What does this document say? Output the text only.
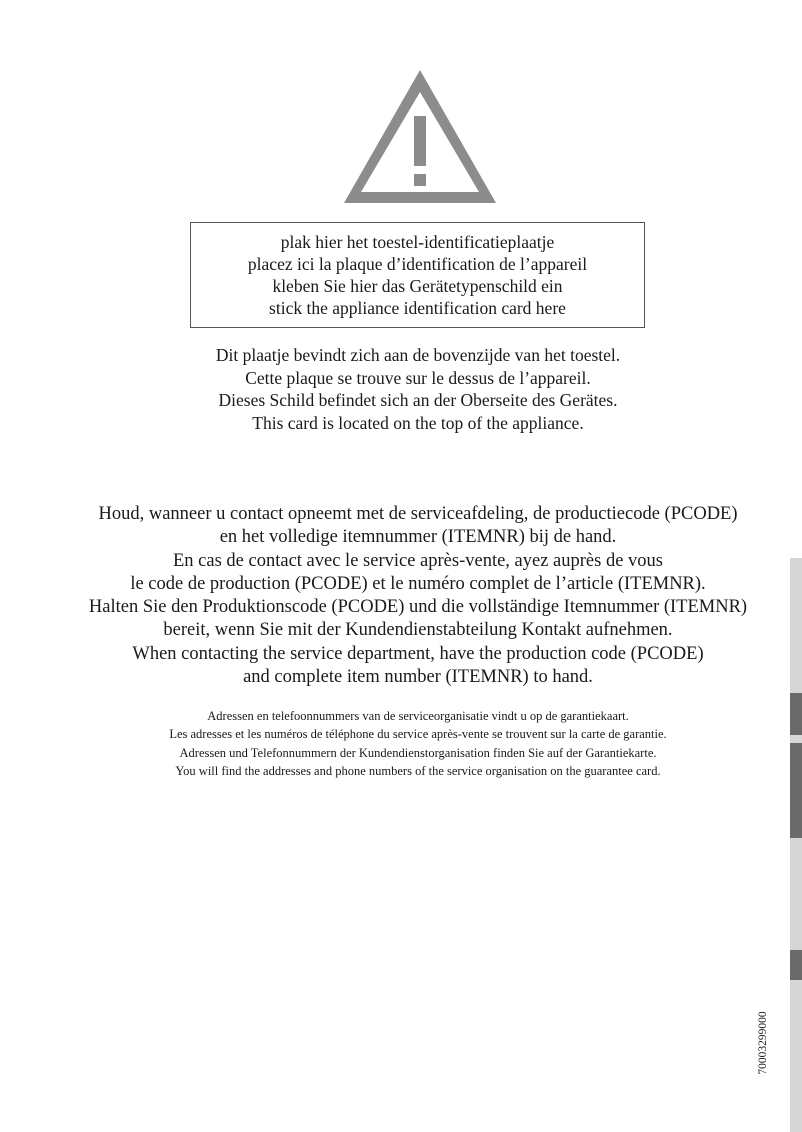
plak hier het toestel-identificatieplaatje
placez ici la plaque d’identification de l’appareil
kleben Sie hier das Gerätetypenschild ein
stick the appliance identification card here
Dit plaatje bevindt zich aan de bovenzijde van het toestel.
Cette plaque se trouve sur le dessus de l’appareil.
Dieses Schild befindet sich an der Oberseite des Gerätes.
This card is located on the top of the appliance.
Houd, wanneer u contact opneemt met de serviceafdeling, de productiecode (PCODE)
en het volledige itemnummer (ITEMNR) bij de hand.
En cas de contact avec le service après-vente, ayez auprès de vous
le code de production (PCODE) et le numéro complet de l’article (ITEMNR).
Halten Sie den Produktionscode (PCODE) und die vollständige Itemnummer (ITEMNR)
bereit, wenn Sie mit der Kundendienstabteilung Kontakt aufnehmen.
When contacting the service department, have the production code (PCODE)
and complete item number (ITEMNR) to hand.
Adressen en telefoonnummers van de serviceorganisatie vindt u op de garantiekaart.
Les adresses et les numéros de téléphone du service après-vente se trouvent sur la carte de garantie.
Adressen und Telefonnummern der Kundendienstorganisation finden Sie auf der Garantiekarte.
You will find the addresses and phone numbers of the service organisation on the guarantee card.
70003299000
